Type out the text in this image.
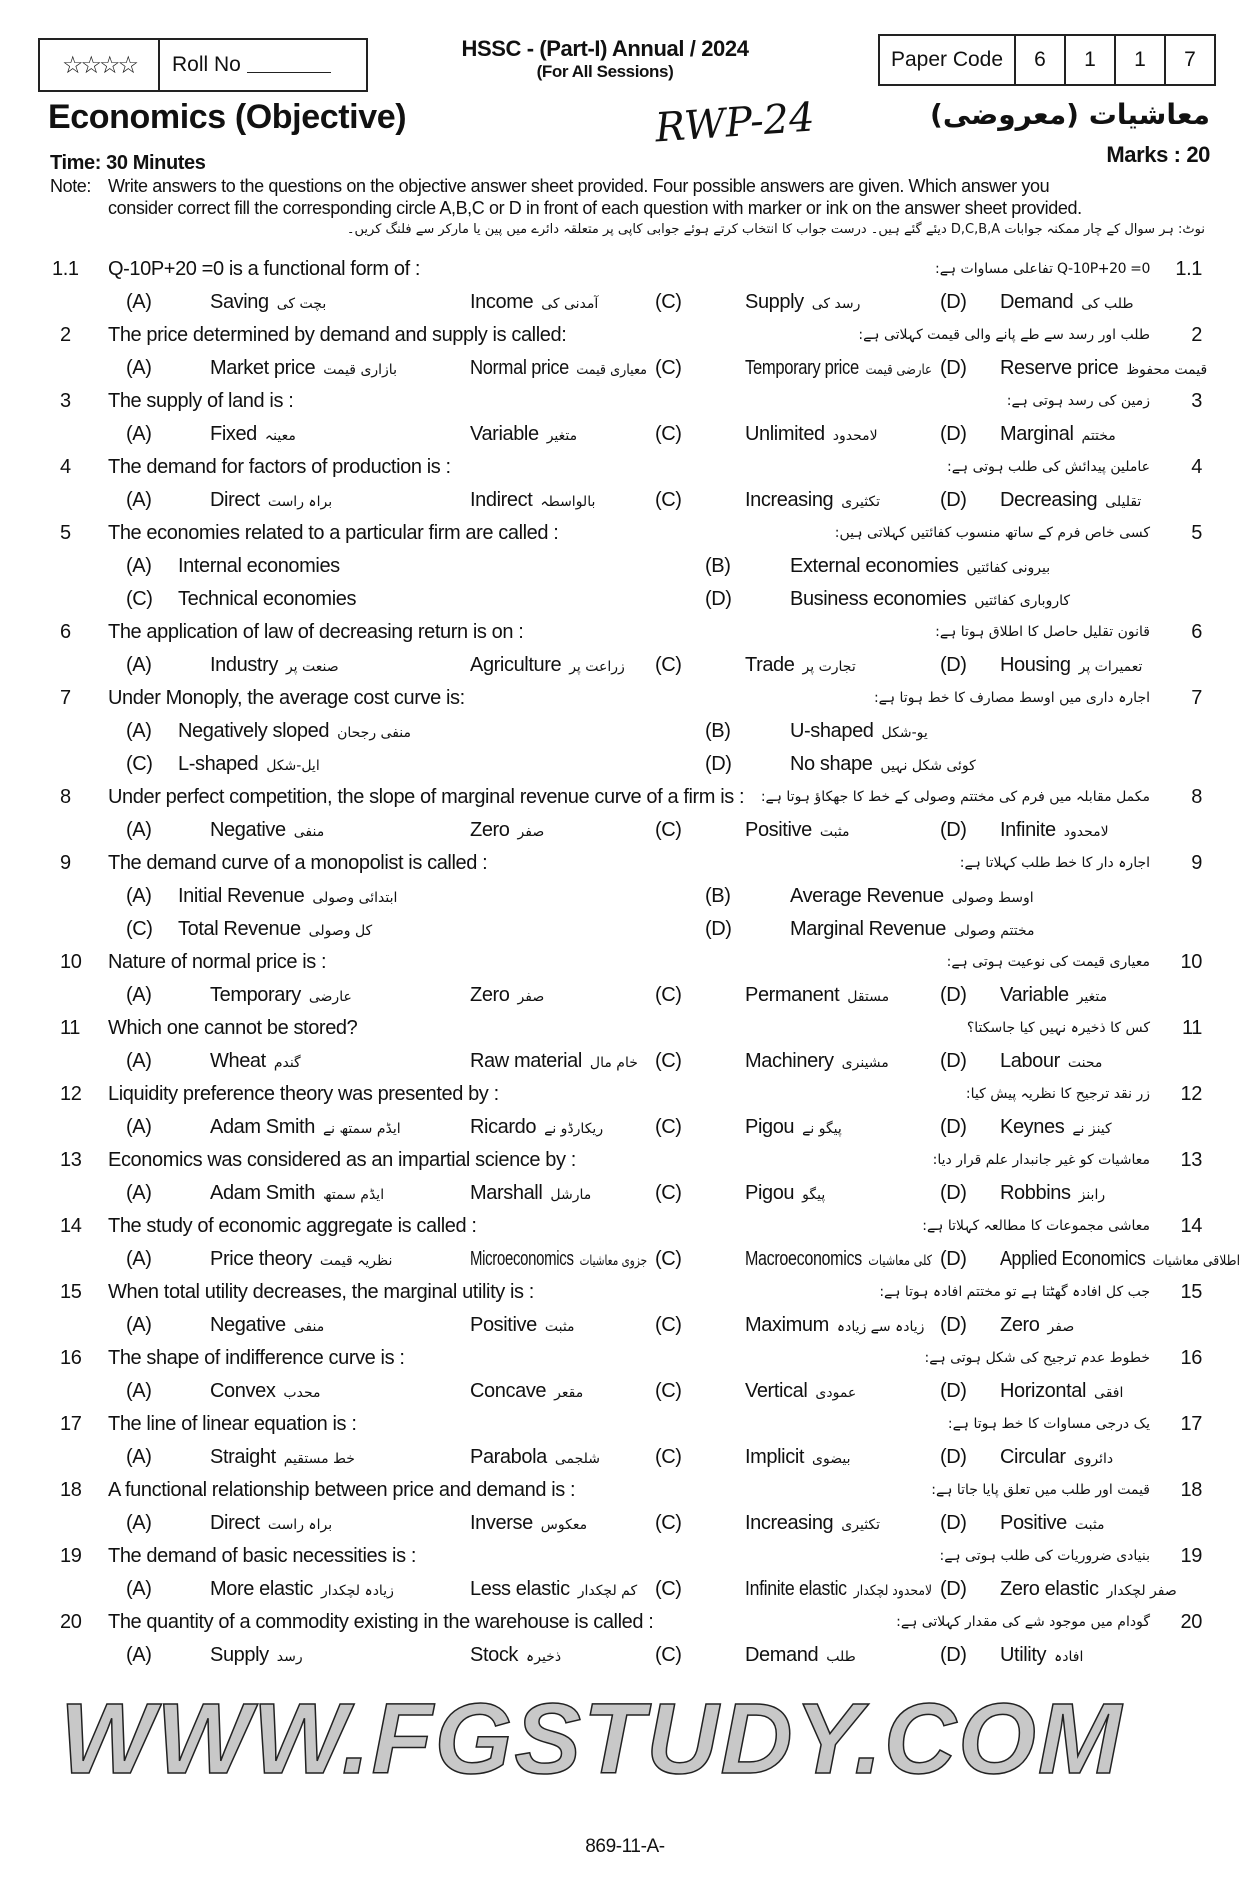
☆☆☆☆	Roll No
HSSC - (Part-I) Annual / 2024
(For All Sessions)
Paper Code	6	1	1	7
Economics (Objective)	RWP-24	معاشیات (معروضی)
Marks : 20
Time: 30 Minutes
Note: Write answers to the questions on the objective answer sheet provided. Four possible answers are given. Which answer you
consider correct fill the corresponding circle A,B,C or D in front of each question with marker or ink on the answer sheet provided.
نوٹ: ہر سوال کے چار ممکنہ جوابات D,C,B,A دیئے گئے ہیں۔ درست جواب کا انتخاب کرتے ہوئے جوابی کاپی پر متعلقہ دائرے میں پین یا مارکر سے فلنگ کریں۔
1.1 Q-10P+20 =0 is a functional form of :	Q-10P+20 =0 تفاعلی مساوات ہے: 1.1
(A)	Saving بچت کی	Income آمدنی کی	(C)	Supply رسد کی	(D) Demand طلب کی
2 The price determined by demand and supply is called:	طلب اور رسد سے طے پانے والی قیمت کہلاتی ہے: 2
(A)	Market price بازاری قیمت	Normal price معیاری قیمت (C)	Temporary price عارضی قیمت (D) Reserve price قیمت محفوظ
3 The supply of land is :	زمین کی رسد ہوتی ہے: 3
(A)	Fixed معینہ	Variable متغیر	(C)	Unlimited لامحدود	(D) Marginal مختتم
4 The demand for factors of production is :	عاملین پیدائش کی طلب ہوتی ہے: 4
(A)	Direct براہ راست	Indirect بالواسطہ	(C)	Increasing تکثیری	(D) Decreasing تقلیلی
5 The economies related to a particular firm are called :	کسی خاص فرم کے ساتھ منسوب کفائتیں کہلاتی ہیں: 5
(A) Internal economies	(B)	External economies بیرونی کفائتیں
(C) Technical economies	(D)	Business economies کاروباری کفائتیں
6 The application of law of decreasing return is on :	قانون تقلیل حاصل کا اطلاق ہوتا ہے: 6
(A)	Industry صنعت پر	Agriculture زراعت پر (C)	Trade تجارت پر	(D) Housing تعمیرات پر
7 Under Monoply, the average cost curve is:	اجارہ داری میں اوسط مصارف کا خط ہوتا ہے: 7
(A) Negatively sloped منفی رجحان	(B)	U-shaped یو-شکل
(C) L-shaped ایل-شکل	(D)	No shape کوئی شکل نہیں
8 Under perfect competition, the slope of marginal revenue curve of a firm is : مکمل مقابلہ میں فرم کی مختتم وصولی کے خط کا جھکاؤ ہوتا ہے: 8
(A)	Negative منفی	Zero صفر	(C)	Positive مثبت	(D) Infinite لامحدود
9 The demand curve of a monopolist is called :	اجارہ دار کا خط طلب کہلاتا ہے: 9
(A) Initial Revenue ابتدائی وصولی	(B)	Average Revenue اوسط وصولی
(C) Total Revenue کل وصولی	(D)	Marginal Revenue مختتم وصولی
10 Nature of normal price is :	معیاری قیمت کی نوعیت ہوتی ہے: 10
(A)	Temporary عارضی	Zero صفر	(C)	Permanent مستقل	(D) Variable متغیر
11 Which one cannot be stored?	کس کا ذخیرہ نہیں کیا جاسکتا؟ 11
(A)	Wheat گندم	Raw material خام مال (C)	Machinery مشینری	(D) Labour محنت
12 Liquidity preference theory was presented by :	زر نقد ترجیح کا نظریہ پیش کیا: 12
(A)	Adam Smith ایڈم سمتھ نے	Ricardo ریکارڈو نے	(C)	Pigou پیگو نے	(D) Keynes کینز نے
13 Economics was considered as an impartial science by :	معاشیات کو غیر جانبدار علم قرار دیا: 13
(A)	Adam Smith ایڈم سمتھ	Marshall مارشل	(C)	Pigou پیگو	(D) Robbins رابنز
14 The study of economic aggregate is called :	معاشی مجموعات کا مطالعہ کہلاتا ہے: 14
(A)	Price theory نظریہ قیمت	Microeconomics جزوی معاشیات (C)	Macroeconomics کلی معاشیات (D) Applied Economics اطلاقی معاشیات
15 When total utility decreases, the marginal utility is :	جب کل افادہ گھٹتا ہے تو مختتم افادہ ہوتا ہے: 15
(A)	Negative منفی	Positive مثبت	(C)	Maximum زیادہ سے زیادہ (D) Zero صفر
16 The shape of indifference curve is :	خطوط عدم ترجیح کی شکل ہوتی ہے: 16
(A)	Convex محدب	Concave مقعر	(C)	Vertical عمودی	(D) Horizontal افقی
17 The line of linear equation is :	یک درجی مساوات کا خط ہوتا ہے: 17
(A)	Straight خط مستقیم	Parabola شلجمی	(C)	Implicit بیضوی	(D) Circular دائروی
18 A functional relationship between price and demand is :	قیمت اور طلب میں تعلق پایا جاتا ہے: 18
(A)	Direct براہ راست	Inverse معکوس	(C)	Increasing تکثیری	(D) Positive مثبت
19 The demand of basic necessities is :	بنیادی ضروریات کی طلب ہوتی ہے: 19
(A)	More elastic زیادہ لچکدار	Less elastic کم لچکدار (C)	Infinite elastic لامحدود لچکدار (D) Zero elastic صفر لچکدار
20 The quantity of a commodity existing in the warehouse is called :	گودام میں موجود شے کی مقدار کہلاتی ہے: 20
(A)	Supply رسد	Stock ذخیرہ	(C)	Demand طلب	(D) Utility افادہ
WWW.FGSTUDY.COM
869-11-A-
